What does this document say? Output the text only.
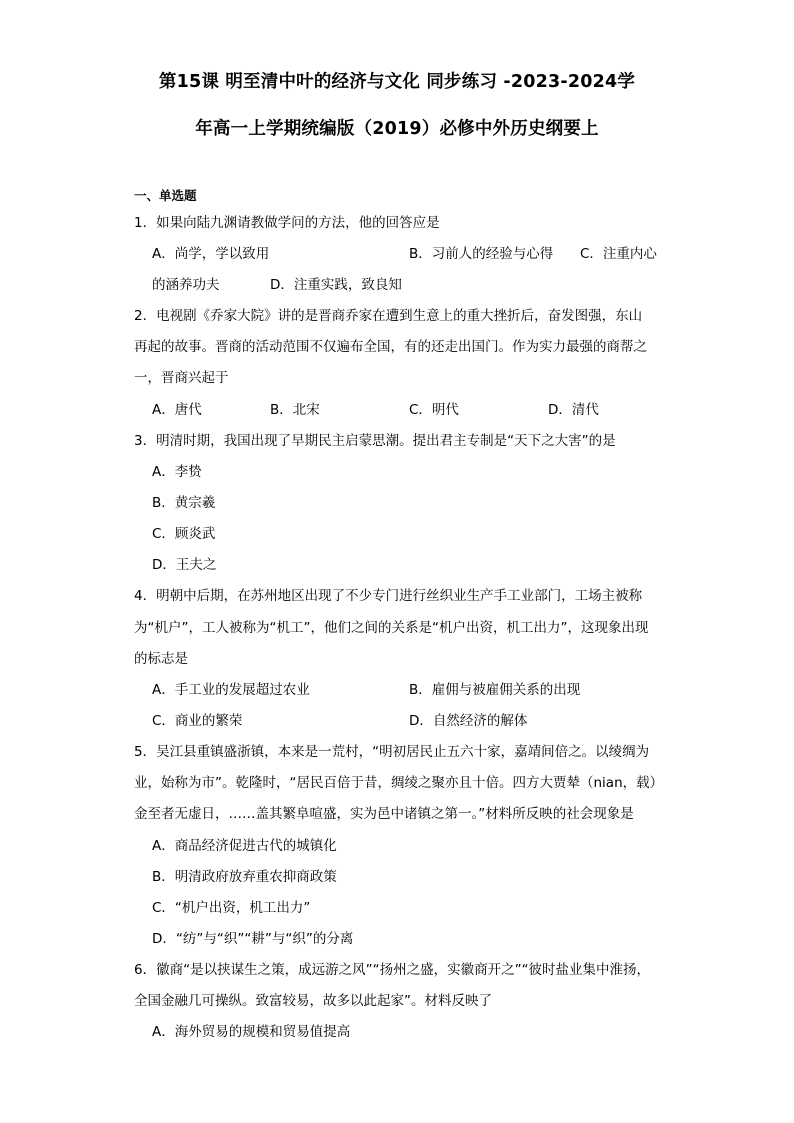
第15课 明至清中叶的经济与文化 同步练习 -2023-2024学
年高一上学期统编版（2019）必修中外历史纲要上
一、单选题
1．如果向陆九渊请教做学问的方法，他的回答应是
A．尚学，学以致用	B．习前人的经验与心得 C．注重内心
的涵养功夫	D．注重实践，致良知
2．电视剧《乔家大院》讲的是晋商乔家在遭到生意上的重大挫折后，奋发图强，东山
再起的故事。晋商的活动范围不仅遍布全国，有的还走出国门。作为实力最强的商帮之
一，晋商兴起于
A．唐代	B．北宋	C．明代	D．清代
3．明清时期，我国出现了早期民主启蒙思潮。提出君主专制是“天下之大害”的是
A．李贽
B．黄宗羲
C．顾炎武
D．王夫之
4．明朝中后期，在苏州地区出现了不少专门进行丝织业生产手工业部门，工场主被称
为“机户”，工人被称为“机工”，他们之间的关系是“机户出资，机工出力”，这现象出现
的标志是
A．手工业的发展超过农业	B．雇佣与被雇佣关系的出现
C．商业的繁荣	D．自然经济的解体
5．吴江县重镇盛浙镇，本来是一荒村，“明初居民止五六十家，嘉靖间倍之。以绫绸为
业，始称为市”。乾隆时，“居民百倍于昔，绸绫之聚亦且十倍。四方大贾辇（nian，载）
金至者无虚日，……盖其繁阜喧盛，实为邑中诸镇之第一。”材料所反映的社会现象是
A．商品经济促进古代的城镇化
B．明清政府放弃重农抑商政策
C．“机户出资，机工出力”
D．“纺”与“织”“耕”与“织”的分离
6．徽商“是以挟谋生之策，成远游之风”“扬州之盛，实徽商开之”“彼时盐业集中淮扬，
全国金融几可操纵。致富较易，故多以此起家”。材料反映了
A．海外贸易的规模和贸易值提高
